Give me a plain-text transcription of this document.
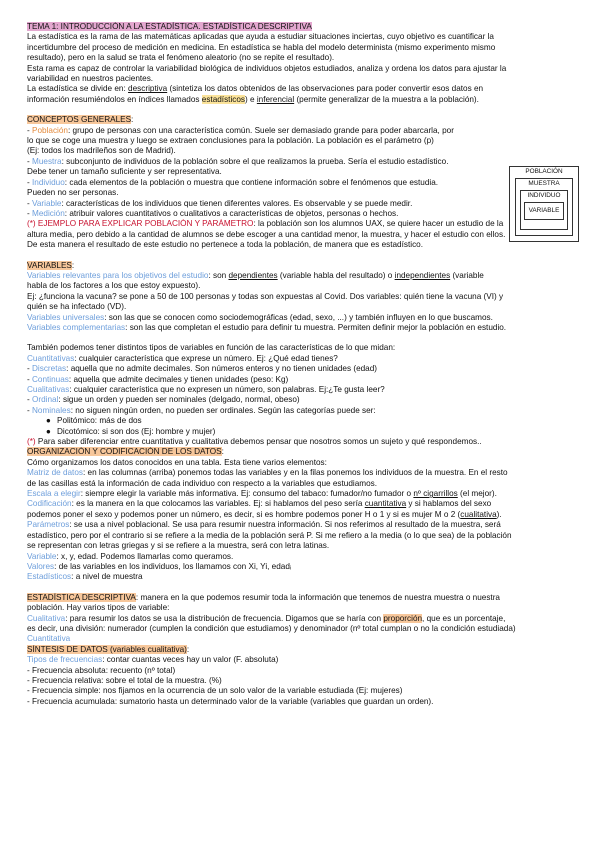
TEMA 1: INTRODUCCIÓN A LA ESTADÍSTICA. ESTADÍSTICA DESCRIPTIVA
La estadística es la rama de las matemáticas aplicadas que ayuda a estudiar situaciones inciertas, cuyo objetivo es cuantificar la
incertidumbre del proceso de medición en medicina. En estadística se habla del modelo determinista (mismo experimento mismo
resultado), pero en la salud se trata el fenómeno aleatorio (no se repite el resultado).
Esta rama es capaz de controlar la variabilidad biológica de individuos objetos estudiados, analiza y ordena los datos para ajustar la
variabilidad en nuestros pacientes.
La estadística se divide en: descriptiva (sintetiza los datos obtenidos de las observaciones para poder convertir esos datos en
información resumiéndolos en índices llamados estadísticos) e inferencial (permite generalizar de la muestra a la población).
CONCEPTOS GENERALES:
- Población: grupo de personas con una característica común. Suele ser demasiado grande para poder abarcarla, por
lo que se coge una muestra y luego se extraen conclusiones para la población. La población es el parámetro (p)
(Ej: todos los madrileños son de Madrid).
- Muestra: subconjunto de individuos de la población sobre el que realizamos la prueba. Sería el estudio estadístico.
Debe tener un tamaño suficiente y ser representativa.
- Individuo: cada elementos de la población o muestra que contiene información sobre el fenómenos que estudia.
Pueden no ser personas.
- Variable: características de los individuos que tienen diferentes valores. Es observable y se puede medir.
- Medición: atribuir valores cuantitativos o cualitativos a características de objetos, personas o hechos.
(*) EJEMPLO PARA EXPLICAR POBLACIÓN Y PARÁMETRO: la población son los alumnos UAX, se quiere hacer un estudio de la
altura media, pero debido a la cantidad de alumnos se debe escoger a una cantidad menor, la muestra, y hacer el estudio con ellos.
De esta manera el resultado de este estudio no pertenece a toda la población, de manera que es estadístico.
VARIABLES:
Variables relevantes para los objetivos del estudio: son dependientes (variable habla del resultado) o independientes (variable
habla de los factores a los que estoy expuesto).
Ej: ¿funciona la vacuna? se pone a 50 de 100 personas y todas son expuestas al Covid. Dos variables: quién tiene la vacuna (VI) y
quién se ha infectado (VD).
Variables universales: son las que se conocen como sociodemográficas (edad, sexo, ...) y también influyen en lo que buscamos.
Variables complementarias: son las que completan el estudio para definir tu muestra. Permiten definir mejor la población en estudio.
También podemos tener distintos tipos de variables en función de las características de lo que midan:
Cuantitativas: cualquier característica que exprese un número. Ej: ¿Qué edad tienes?
- Discretas: aquella que no admite decimales. Son números enteros y no tienen unidades (edad)
- Continuas: aquella que admite decimales y tienen unidades (peso: Kg)
Cualitativas: cualquier característica que no expresen un número, son palabras. Ej:¿Te gusta leer?
- Ordinal: sigue un orden y pueden ser nominales (delgado, normal, obeso)
- Nominales: no siguen ningún orden, no pueden ser ordinales. Según las categorías puede ser:
● Politómico: más de dos
● Dicotómico: si son dos (Ej: hombre y mujer)
(*) Para saber diferenciar entre cuantitativa y cualitativa debemos pensar que nosotros somos un sujeto y qué respondemos..
ORGANIZACIÓN Y CODIFICACIÓN DE LOS DATOS:
Cómo organizamos los datos conocidos en una tabla. Esta tiene varios elementos:
Matriz de datos: en las columnas (arriba) ponemos todas las variables y en la filas ponemos los individuos de la muestra. En el resto
de las casillas está la información de cada individuo con respecto a la variables que estudiamos.
Escala a elegir: siempre elegir la variable más informativa. Ej: consumo del tabaco: fumador/no fumador o nº cigarrillos (el mejor).
Codificación: es la manera en la que colocamos las variables. Ej: si hablamos del peso sería cuantitativa y si hablamos del sexo
podemos poner el sexo y podemos poner un número, es decir, si es hombre podemos poner H o 1 y si es mujer M o 2 (cualitativa).
Parámetros: se usa a nivel poblacional. Se usa para resumir nuestra información. Si nos referimos al resultado de la muestra, será
estadístico, pero por el contrario si se refiere a la media de la población será P. Si me refiero a la media (o lo que sea) de la población
se representan con letras griegas y si se refiere a la muestra, será con letra latinas.
Variable: x, y, edad. Podemos llamarlas como queramos.
Valores: de las variables en los individuos, los llamamos con Xi, Yi, edadᵢ
Estadísticos: a nivel de muestra
ESTADÍSTICA DESCRIPTIVA: manera en la que podemos resumir toda la información que tenemos de nuestra muestra o nuestra
población. Hay varios tipos de variable:
Cualitativa: para resumir los datos se usa la distribución de frecuencia. Digamos que se haría con proporción, que es un porcentaje,
es decir, una división: numerador (cumplen la condición que estudiamos) y denominador (nº total cumplan o no la condición estudiada)
Cuantitativa
SÍNTESIS DE DATOS (variables cualitativa):
Tipos de frecuencias: contar cuantas veces hay un valor (F. absoluta)
- Frecuencia absoluta: recuento (nº total)
- Frecuencia relativa: sobre el total de la muestra. (%)
- Frecuencia simple: nos fijamos en la ocurrencia de un solo valor de la variable estudiada (Ej: mujeres)
- Frecuencia acumulada: sumatorio hasta un determinado valor de la variable (variables que guardan un orden).
POBLACIÓN
MUESTRA
INDIVIDUO
VARIABLE
